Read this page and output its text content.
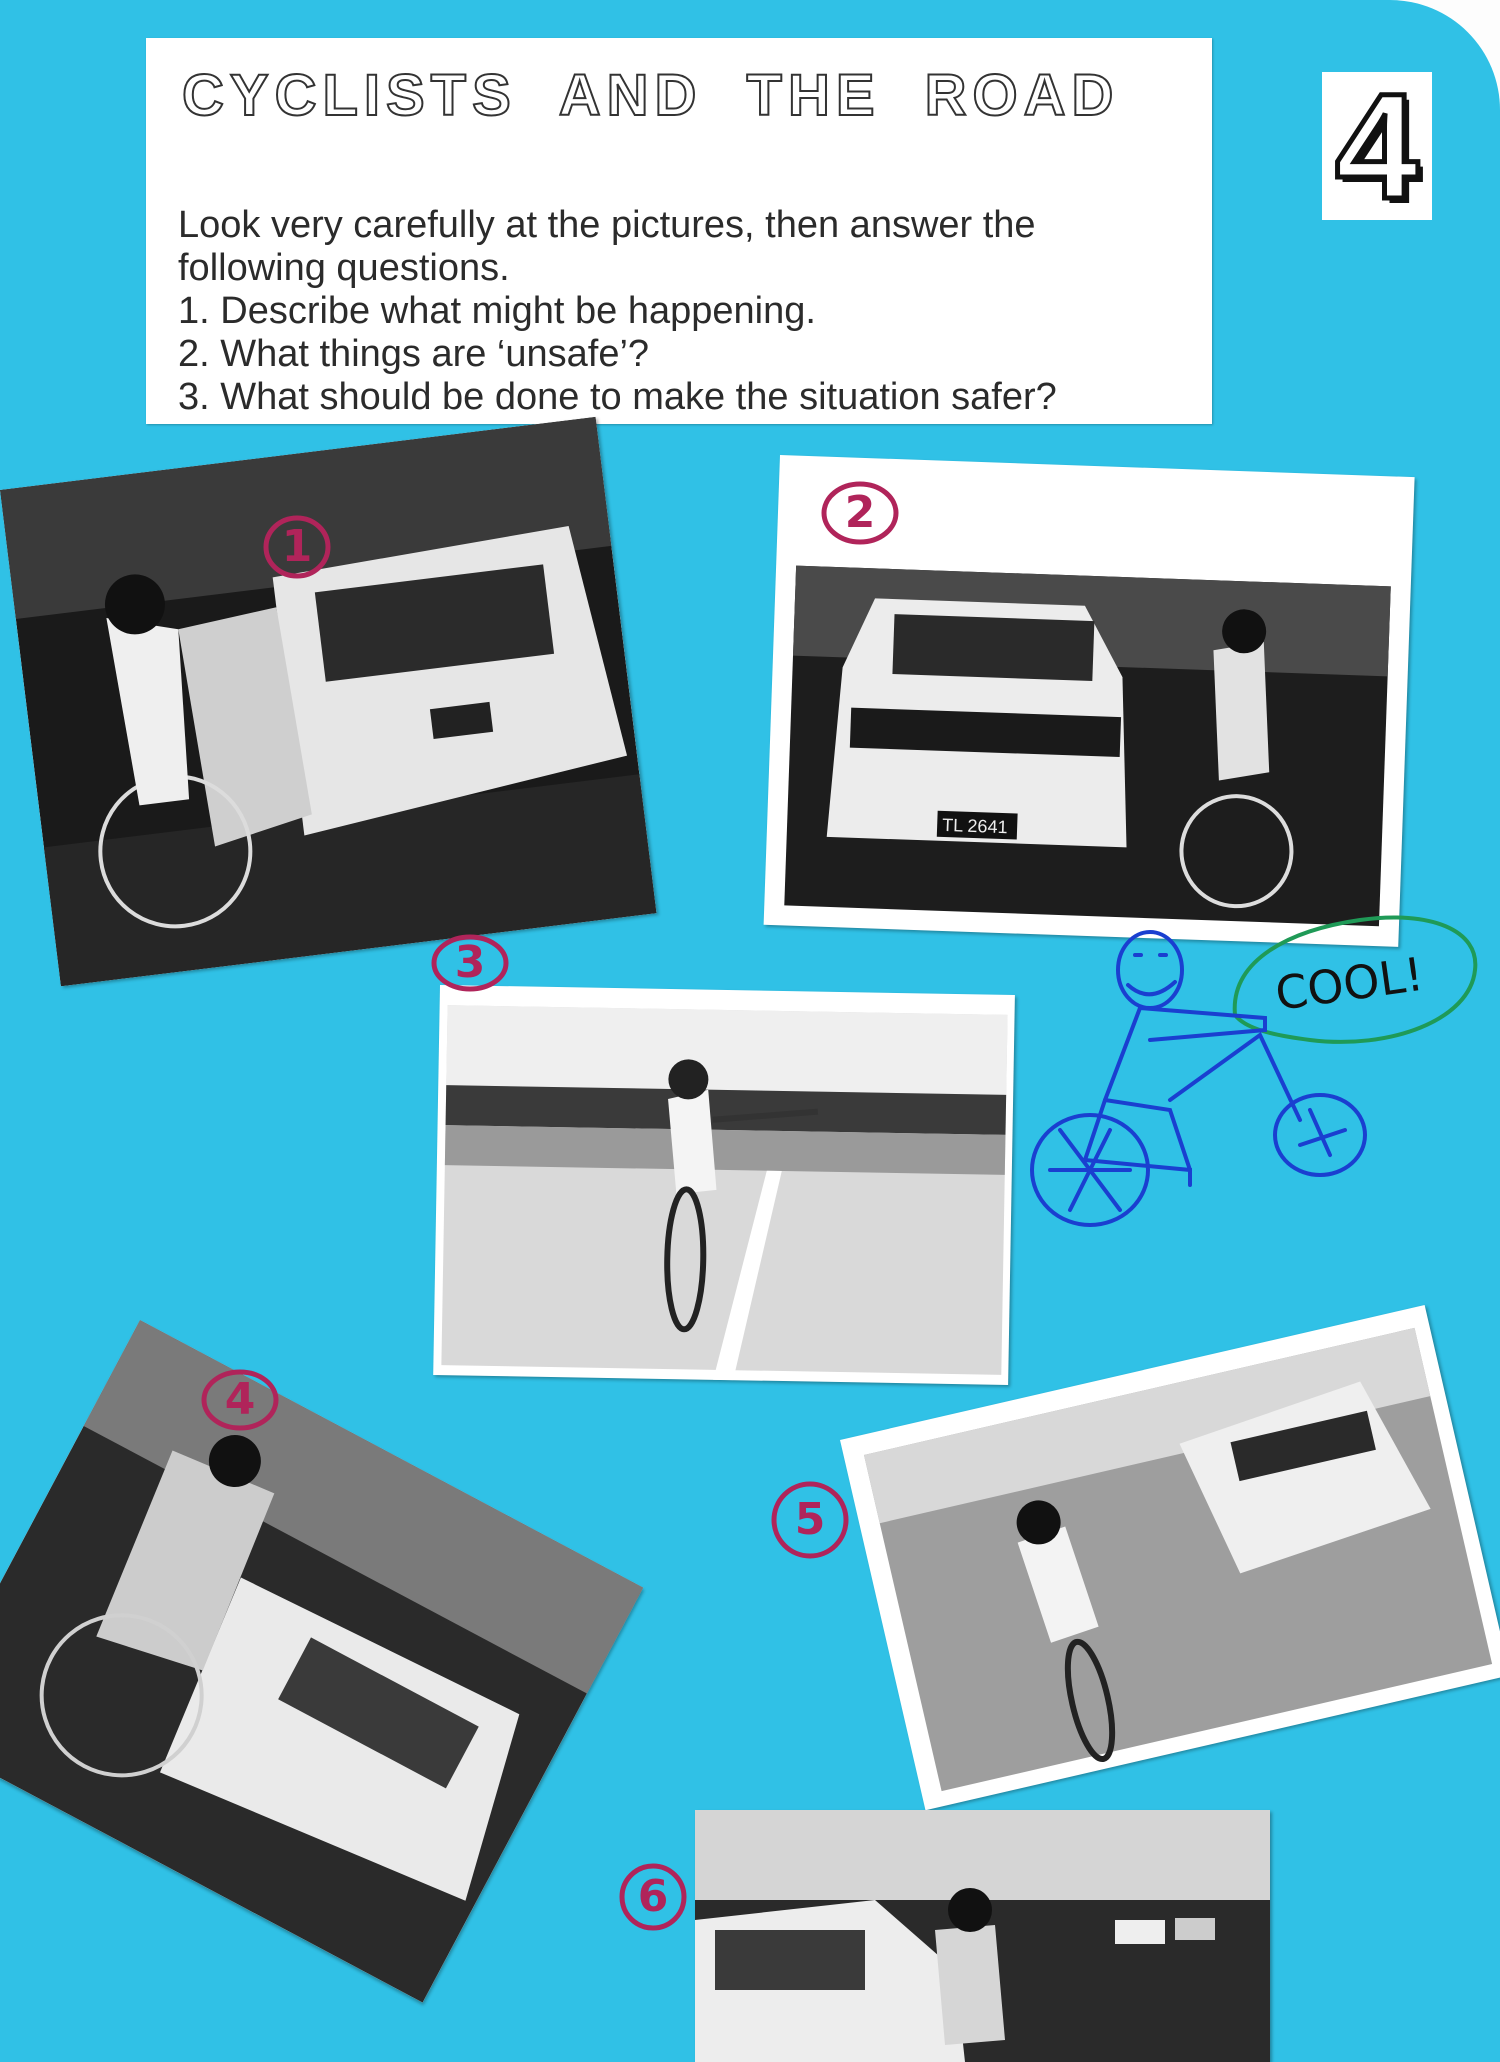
CYCLISTS AND THE ROAD

Look very carefully at the pictures, then answer the

following questions.

1. Describe what might be happening.

2. What things are ‘unsafe’?

3. What should be done to make the situation safer?

4
1
TL 2641
2
3
4
5
6
COOL!
